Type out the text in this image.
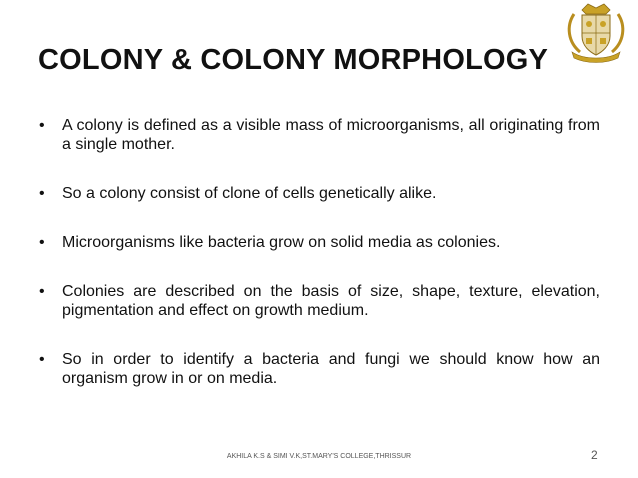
COLONY & COLONY MORPHOLOGY
• A colony is defined as a visible mass of microorganisms, all originating from a single mother.
• So a colony consist of clone of cells genetically alike.
• Microorganisms like bacteria grow on solid media as colonies.
• Colonies are described on the basis of size, shape, texture, elevation, pigmentation and effect on growth medium.
• So in order to identify a bacteria and fungi we should know how an organism grow in or on media.
AKHILA K.S & SIMI V.K,ST.MARY'S COLLEGE,THRISSUR	2
